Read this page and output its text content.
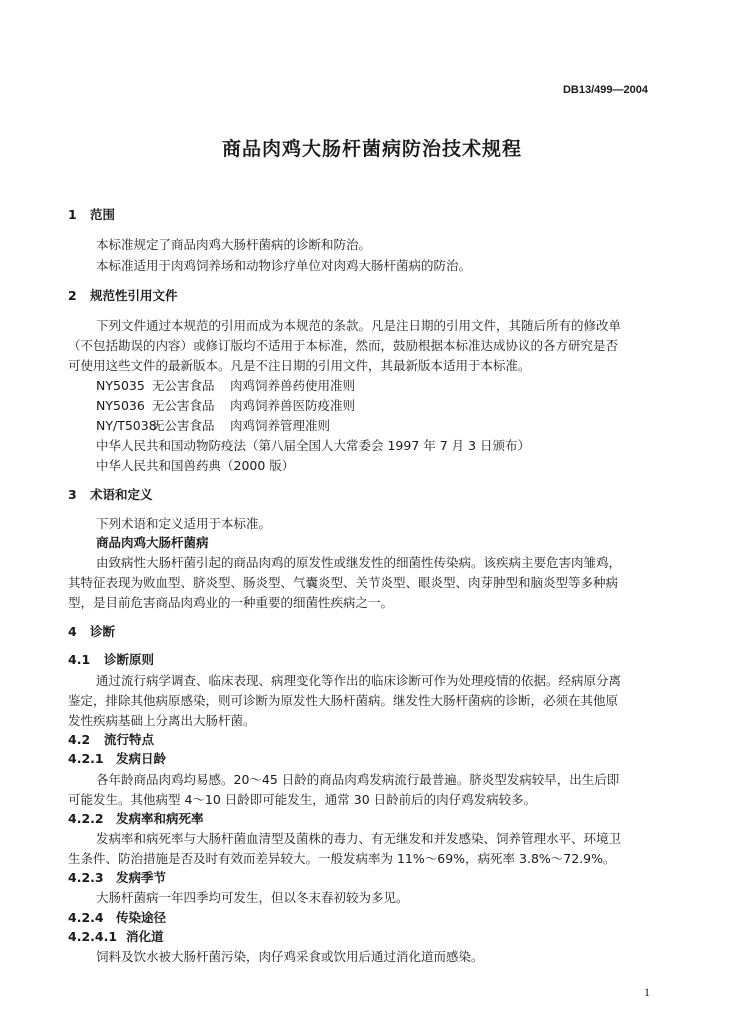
DB13/499—2004
商品肉鸡大肠杆菌病防治技术规程
1 范围
本标准规定了商品肉鸡大肠杆菌病的诊断和防治。
本标准适用于肉鸡饲养场和动物诊疗单位对肉鸡大肠杆菌病的防治。
2 规范性引用文件
下列文件通过本规范的引用而成为本规范的条款。凡是注日期的引用文件，其随后所有的修改单
（不包括勘误的内容）或修订版均不适用于本标准，然而，鼓励根据本标准达成协议的各方研究是否
可使用这些文件的最新版本。凡是不注日期的引用文件，其最新版本适用于本标准。
NY5035 无公害食品 肉鸡饲养兽药使用准则
NY5036 无公害食品 肉鸡饲养兽医防疫准则
NY/T5038无公害食品 肉鸡饲养管理准则
中华人民共和国动物防疫法（第八届全国人大常委会 1997 年 7 月 3 日颁布）
中华人民共和国兽药典（2000 版）
3 术语和定义
下列术语和定义适用于本标准。
商品肉鸡大肠杆菌病
由致病性大肠杆菌引起的商品肉鸡的原发性或继发性的细菌性传染病。该疾病主要危害肉雏鸡，
其特征表现为败血型、脐炎型、肠炎型、气囊炎型、关节炎型、眼炎型、肉芽肿型和脑炎型等多种病
型，是目前危害商品肉鸡业的一种重要的细菌性疾病之一。
4 诊断
4.1 诊断原则
通过流行病学调查、临床表现、病理变化等作出的临床诊断可作为处理疫情的依据。经病原分离
鉴定，排除其他病原感染，则可诊断为原发性大肠杆菌病。继发性大肠杆菌病的诊断，必须在其他原
发性疾病基础上分离出大肠杆菌。
4.2 流行特点
4.2.1 发病日龄
各年龄商品肉鸡均易感。20～45 日龄的商品肉鸡发病流行最普遍。脐炎型发病较早，出生后即
可能发生。其他病型 4～10 日龄即可能发生，通常 30 日龄前后的肉仔鸡发病较多。
4.2.2 发病率和病死率
发病率和病死率与大肠杆菌血清型及菌株的毒力、有无继发和并发感染、饲养管理水平、环境卫
生条件、防治措施是否及时有效而差异较大。一般发病率为 11%～69%，病死率 3.8%～72.9%。
4.2.3 发病季节
大肠杆菌病一年四季均可发生，但以冬末春初较为多见。
4.2.4 传染途径
4.2.4.1 消化道
饲料及饮水被大肠杆菌污染，肉仔鸡采食或饮用后通过消化道而感染。
1
